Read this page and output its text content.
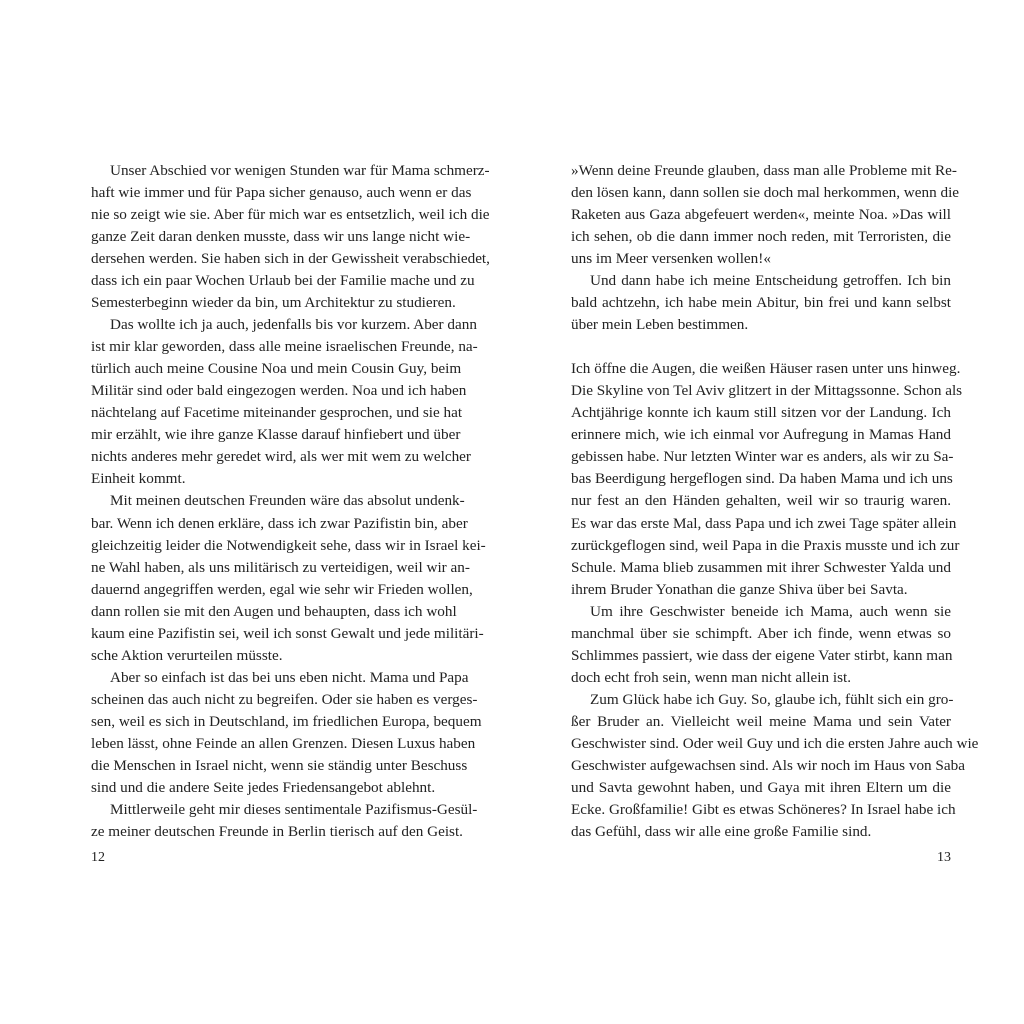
Unser Abschied vor wenigen Stunden war für Mama schmerz-
haft wie immer und für Papa sicher genauso, auch wenn er das
nie so zeigt wie sie. Aber für mich war es entsetzlich, weil ich die
ganze Zeit daran denken musste, dass wir uns lange nicht wie-
dersehen werden. Sie haben sich in der Gewissheit verabschiedet,
dass ich ein paar Wochen Urlaub bei der Familie mache und zu
Semesterbeginn wieder da bin, um Architektur zu studieren.
Das wollte ich ja auch, jedenfalls bis vor kurzem. Aber dann
ist mir klar geworden, dass alle meine israelischen Freunde, na-
türlich auch meine Cousine Noa und mein Cousin Guy, beim
Militär sind oder bald eingezogen werden. Noa und ich haben
nächtelang auf Facetime miteinander gesprochen, und sie hat
mir erzählt, wie ihre ganze Klasse darauf hinfiebert und über
nichts anderes mehr geredet wird, als wer mit wem zu welcher
Einheit kommt.
Mit meinen deutschen Freunden wäre das absolut undenk-
bar. Wenn ich denen erkläre, dass ich zwar Pazifistin bin, aber
gleichzeitig leider die Notwendigkeit sehe, dass wir in Israel kei-
ne Wahl haben, als uns militärisch zu verteidigen, weil wir an-
dauernd angegriffen werden, egal wie sehr wir Frieden wollen,
dann rollen sie mit den Augen und behaupten, dass ich wohl
kaum eine Pazifistin sei, weil ich sonst Gewalt und jede militäri-
sche Aktion verurteilen müsste.
Aber so einfach ist das bei uns eben nicht. Mama und Papa
scheinen das auch nicht zu begreifen. Oder sie haben es verges-
sen, weil es sich in Deutschland, im friedlichen Europa, bequem
leben lässt, ohne Feinde an allen Grenzen. Diesen Luxus haben
die Menschen in Israel nicht, wenn sie ständig unter Beschuss
sind und die andere Seite jedes Friedensangebot ablehnt.
Mittlerweile geht mir dieses sentimentale Pazifismus-Gesül-
ze meiner deutschen Freunde in Berlin tierisch auf den Geist.
12
»Wenn deine Freunde glauben, dass man alle Probleme mit Re-
den lösen kann, dann sollen sie doch mal herkommen, wenn die
Raketen aus Gaza abgefeuert werden«, meinte Noa. »Das will
ich sehen, ob die dann immer noch reden, mit Terroristen, die
uns im Meer versenken wollen!«
Und dann habe ich meine Entscheidung getroffen. Ich bin
bald achtzehn, ich habe mein Abitur, bin frei und kann selbst
über mein Leben bestimmen.
Ich öffne die Augen, die weißen Häuser rasen unter uns hinweg.
Die Skyline von Tel Aviv glitzert in der Mittagssonne. Schon als
Achtjährige konnte ich kaum still sitzen vor der Landung. Ich
erinnere mich, wie ich einmal vor Aufregung in Mamas Hand
gebissen habe. Nur letzten Winter war es anders, als wir zu Sa-
bas Beerdigung hergeflogen sind. Da haben Mama und ich uns
nur fest an den Händen gehalten, weil wir so traurig waren.
Es war das erste Mal, dass Papa und ich zwei Tage später allein
zurückgeflogen sind, weil Papa in die Praxis musste und ich zur
Schule. Mama blieb zusammen mit ihrer Schwester Yalda und
ihrem Bruder Yonathan die ganze Shiva über bei Savta.
Um ihre Geschwister beneide ich Mama, auch wenn sie
manchmal über sie schimpft. Aber ich finde, wenn etwas so
Schlimmes passiert, wie dass der eigene Vater stirbt, kann man
doch echt froh sein, wenn man nicht allein ist.
Zum Glück habe ich Guy. So, glaube ich, fühlt sich ein gro-
ßer Bruder an. Vielleicht weil meine Mama und sein Vater
Geschwister sind. Oder weil Guy und ich die ersten Jahre auch wie
Geschwister aufgewachsen sind. Als wir noch im Haus von Saba
und Savta gewohnt haben, und Gaya mit ihren Eltern um die
Ecke. Großfamilie! Gibt es etwas Schöneres? In Israel habe ich
das Gefühl, dass wir alle eine große Familie sind.
13
